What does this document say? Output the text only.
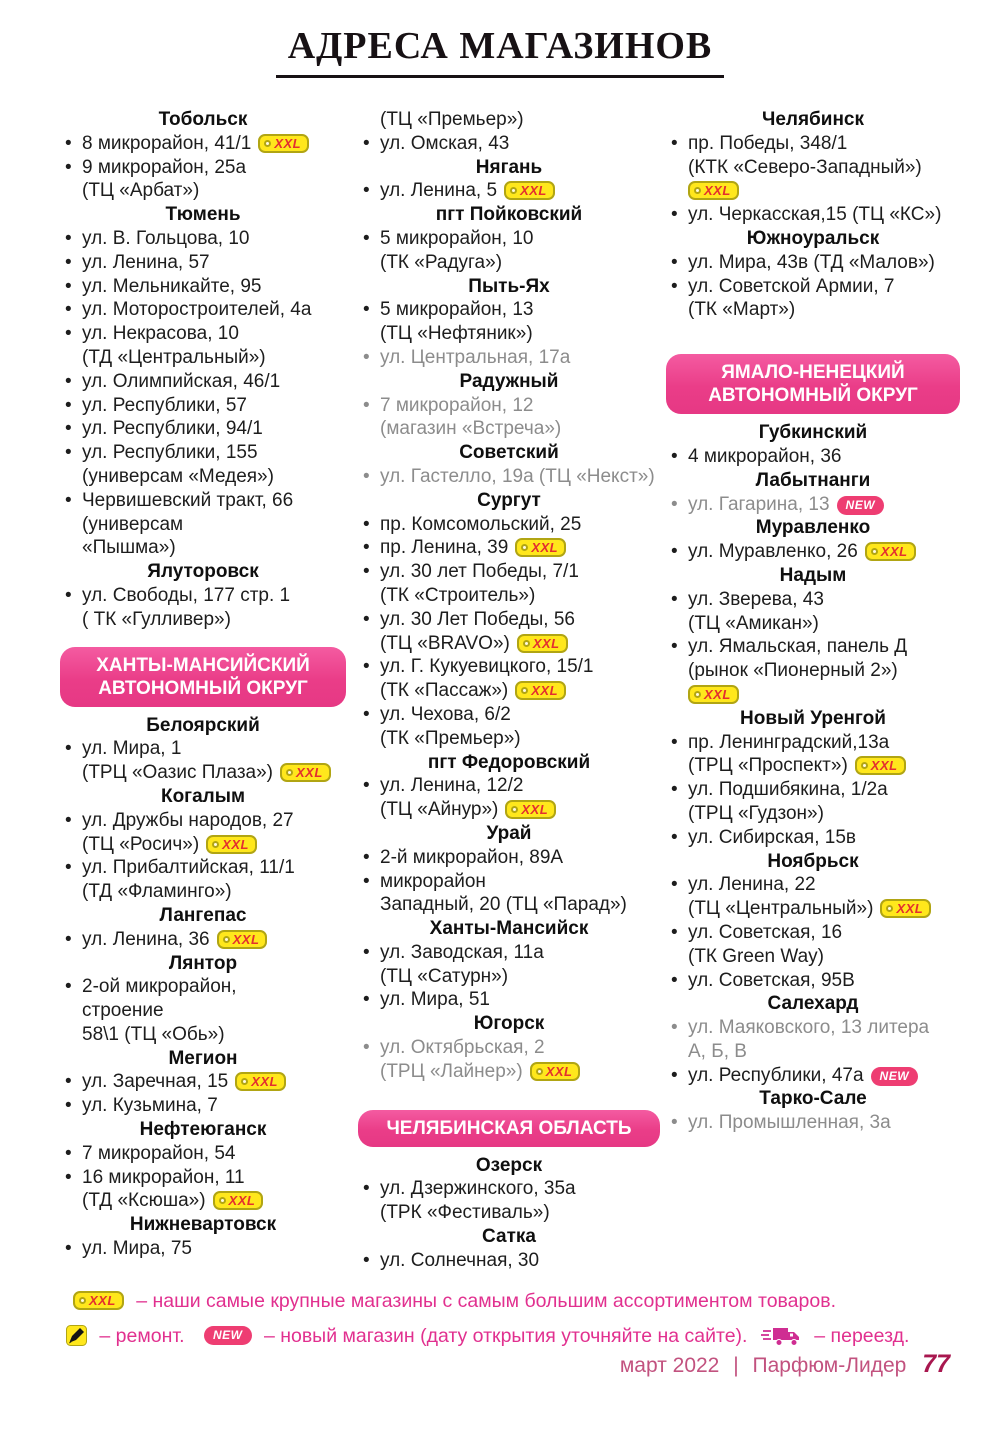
АДРЕСА МАГАЗИНОВ
Тобольск
• 8 микрорайон, 41/1 XXL
• 9 микрорайон, 25а
(ТЦ «Арбат»)
Тюмень
• ул. В. Гольцова, 10
• ул. Ленина, 57
• ул. Мельникайте, 95
• ул. Моторостроителей, 4а
• ул. Некрасова, 10
(ТД «Центральный»)
• ул. Олимпийская, 46/1
• ул. Республики, 57
• ул. Республики, 94/1
• ул. Республики, 155
(универсам «Медея»)
• Червишевский тракт, 66
(универсам
«Пышма»)
Ялуторовск
• ул. Свободы, 177 стр. 1
( ТК «Гулливер»)
ХАНТЫ-МАНСИЙСКИЙ
АВТОНОМНЫЙ ОКРУГ
Белоярский
• ул. Мира, 1
(ТРЦ «Оазис Плаза») XXL
Когалым
• ул. Дружбы народов, 27
(ТЦ «Росич») XXL
• ул. Прибалтийская, 11/1
(ТД «Фламинго»)
Лангепас
• ул. Ленина, 36 XXL
Лянтор
• 2-ой микрорайон,
строение
58\1 (ТЦ «Обь»)
Мегион
• ул. Заречная, 15 XXL
• ул. Кузьмина, 7
Нефтеюганск
• 7 микрорайон, 54
• 16 микрорайон, 11
(ТД «Ксюша») XXL
Нижневартовск
• ул. Мира, 75
(ТЦ «Премьер»)
• ул. Омская, 43
Нягань
• ул. Ленина, 5 XXL
пгт Пойковский
• 5 микрорайон, 10
(ТК «Радуга»)
Пыть-Ях
• 5 микрорайон, 13
(ТЦ «Нефтяник»)
• ул. Центральная, 17а
Радужный
• 7 микрорайон, 12
(магазин «Встреча»)
Советский
• ул. Гастелло, 19а (ТЦ «Некст»)
Сургут
• пр. Комсомольский, 25
• пр. Ленина, 39 XXL
• ул. 30 лет Победы, 7/1
(ТК «Строитель»)
• ул. 30 Лет Победы, 56
(ТЦ «BRAVO») XXL
• ул. Г. Кукуевицкого, 15/1
(ТК «Пассаж») XXL
• ул. Чехова, 6/2
(ТК «Премьер»)
пгт Федоровский
• ул. Ленина, 12/2
(ТЦ «Айнур») XXL
Урай
• 2-й микрорайон, 89А
• микрорайон
Западный, 20 (ТЦ «Парад»)
Ханты-Мансийск
• ул. Заводская, 11а
(ТЦ «Сатурн»)
• ул. Мира, 51
Югорск
• ул. Октябрьская, 2
(ТРЦ «Лайнер») XXL
ЧЕЛЯБИНСКАЯ ОБЛАСТЬ
Озерск
• ул. Дзержинского, 35а
(ТРК «Фестиваль»)
Сатка
• ул. Солнечная, 30
Челябинск
• пр. Победы, 348/1
(КТК «Северо-Западный»)
XXL
• ул. Черкасская,15 (ТЦ «КС»)
Южноуральск
• ул. Мира, 43в (ТД «Малов»)
• ул. Советской Армии, 7
(ТК «Март»)
ЯМАЛО-НЕНЕЦКИЙ
АВТОНОМНЫЙ ОКРУГ
Губкинский
• 4 микрорайон, 36
Лабытнанги
• ул. Гагарина, 13 NEW
Муравленко
• ул. Муравленко, 26 XXL
Надым
• ул. Зверева, 43
(ТЦ «Амикан»)
• ул. Ямальская, панель Д
(рынок «Пионерный 2»)
XXL
Новый Уренгой
• пр. Ленинградский,13а
(ТРЦ «Проспект») XXL
• ул. Подшибякина, 1/2а
(ТРЦ «Гудзон»)
• ул. Сибирская, 15в
Ноябрьск
• ул. Ленина, 22
(ТЦ «Центральный») XXL
• ул. Советская, 16
(ТК Green Way)
• ул. Советская, 95В
Салехард
• ул. Маяковского, 13 литера
А, Б, В
• ул. Республики, 47а NEW
Тарко-Сале
• ул. Промышленная, 3а
XXL – наши самые крупные магазины с самым большим ассортиментом товаров.
– ремонт. NEW – новый магазин (дату открытия уточняйте на сайте).	– переезд.
март 2022 | Парфюм-Лидер 77
